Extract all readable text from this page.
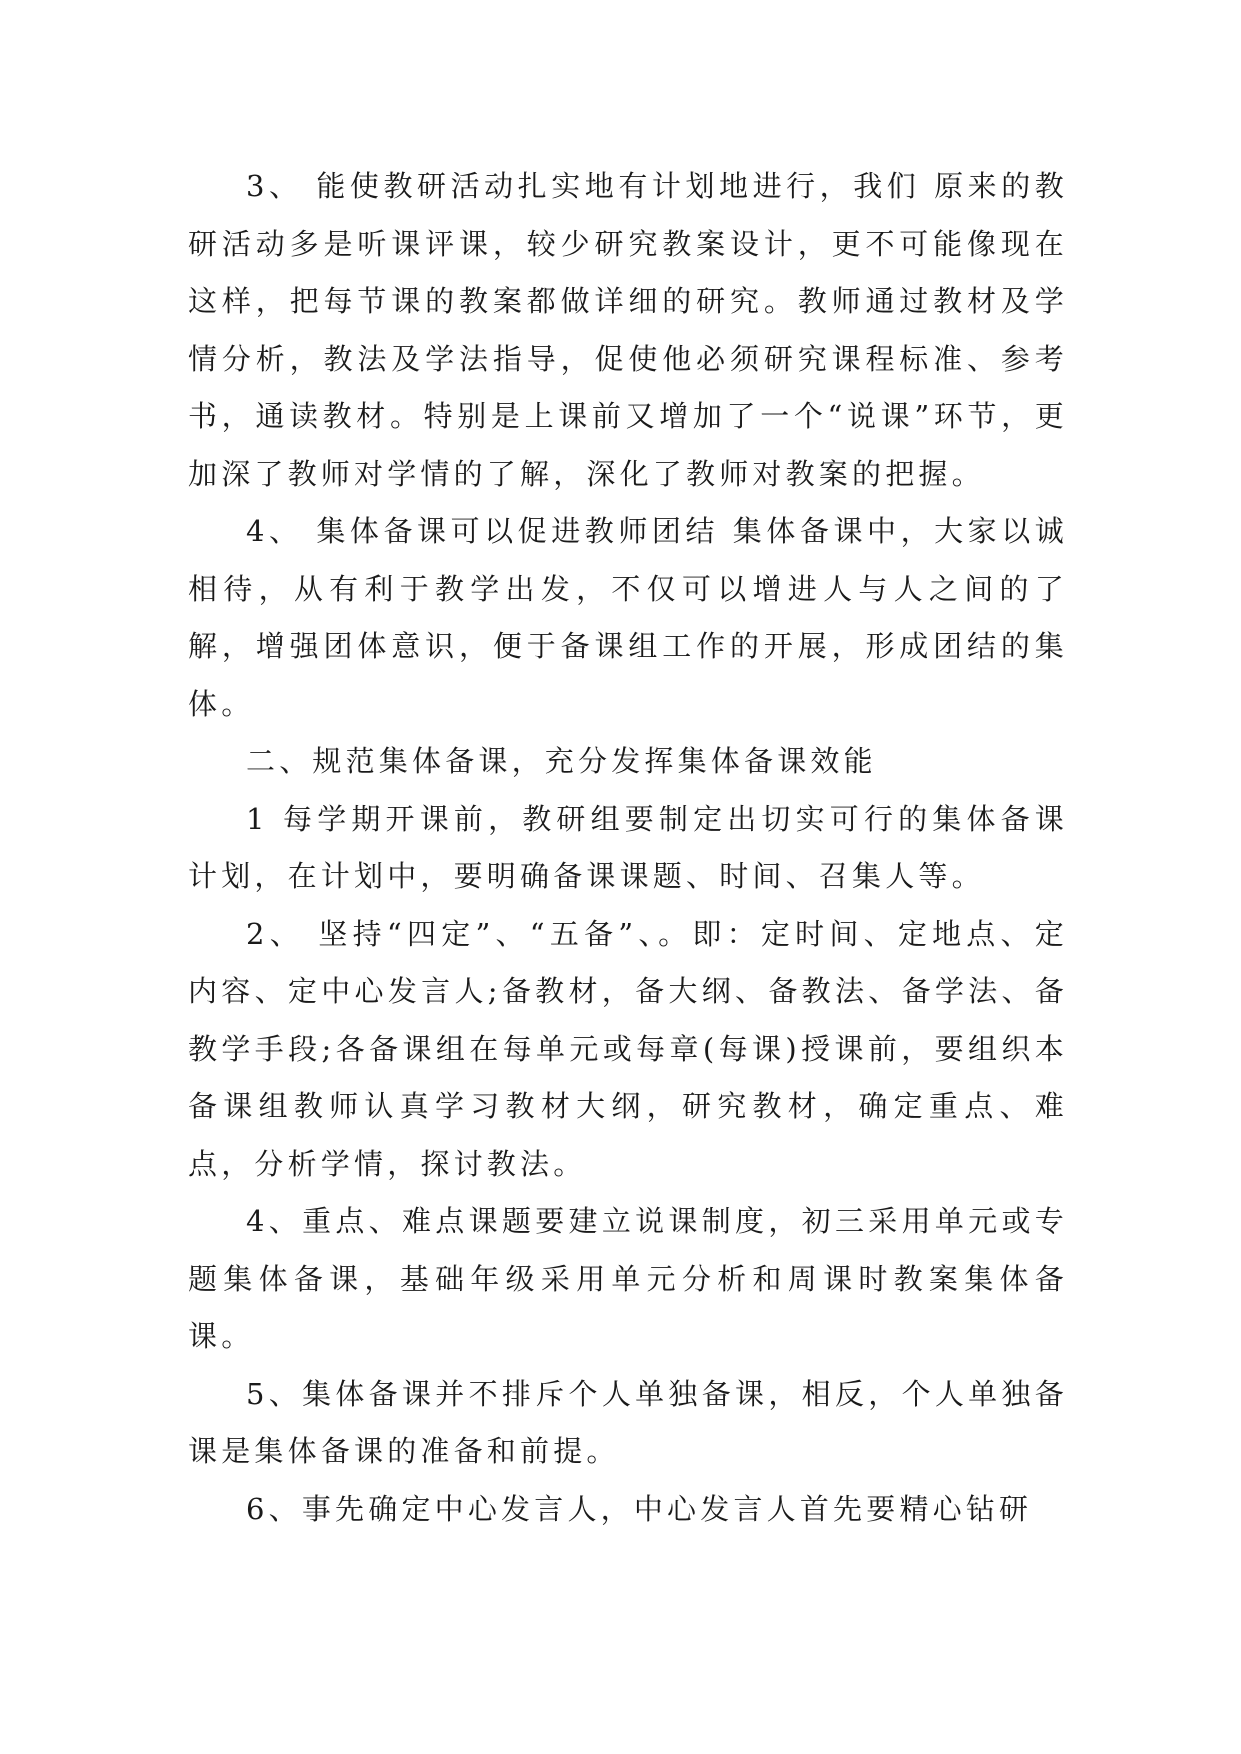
3、 能使教研活动扎实地有计划地进行，我们 原来的教研活动多是听课评课，较少研究教案设计，更不可能像现在这样，把每节课的教案都做详细的研究。教师通过教材及学情分析，教法及学法指导，促使他必须研究课程标准、参考书，通读教材。特别是上课前又增加了一个“说课”环节，更加深了教师对学情的了解，深化了教师对教案的把握。

4、 集体备课可以促进教师团结 集体备课中，大家以诚相待，从有利于教学出发，不仅可以增进人与人之间的了解，增强团体意识，便于备课组工作的开展，形成团结的集体。

二、规范集体备课，充分发挥集体备课效能

1 每学期开课前，教研组要制定出切实可行的集体备课计划，在计划中，要明确备课课题、时间、召集人等。

2、 坚持“四定”、“五备”、。即：定时间、定地点、定内容、定中心发言人;备教材，备大纲、备教法、备学法、备教学手段;各备课组在每单元或每章(每课)授课前，要组织本备课组教师认真学习教材大纲，研究教材，确定重点、难点，分析学情，探讨教法。

4、重点、难点课题要建立说课制度，初三采用单元或专题集体备课，基础年级采用单元分析和周课时教案集体备课。

5、集体备课并不排斥个人单独备课，相反，个人单独备课是集体备课的准备和前提。

6、事先确定中心发言人，中心发言人首先要精心钻研
